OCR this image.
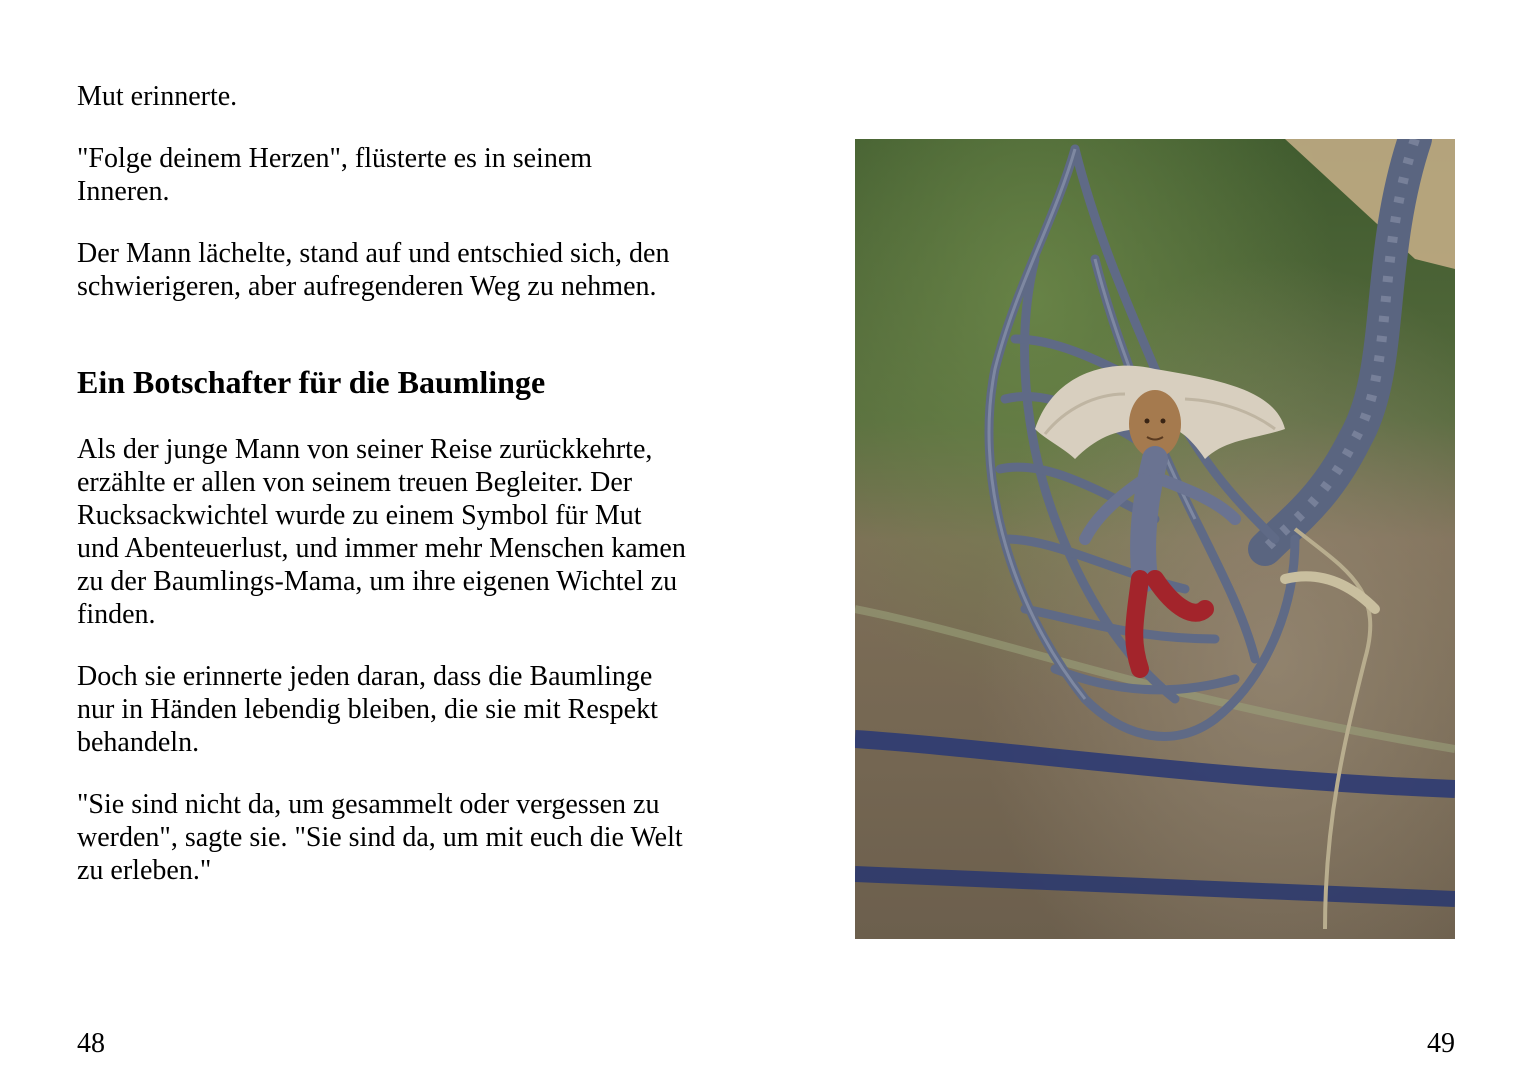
Mut erinnerte.

"Folge deinem Herzen", flüsterte es in seinem Inneren.

Der Mann lächelte, stand auf und entschied sich, den schwierigeren, aber aufregenderen Weg zu nehmen.

Ein Botschafter für die Baumlinge

Als der junge Mann von seiner Reise zurückkehrte, erzählte er allen von seinem treuen Begleiter. Der Rucksackwichtel wurde zu einem Symbol für Mut und Abenteuerlust, und immer mehr Menschen kamen zu der Baumlings-Mama, um ihre eigenen Wichtel zu finden.

Doch sie erinnerte jeden daran, dass die Baumlinge nur in Händen lebendig bleiben, die sie mit Respekt behandeln.

"Sie sind nicht da, um gesammelt oder vergessen zu werden", sagte sie. "Sie sind da, um mit euch die Welt zu erleben."

48	49
